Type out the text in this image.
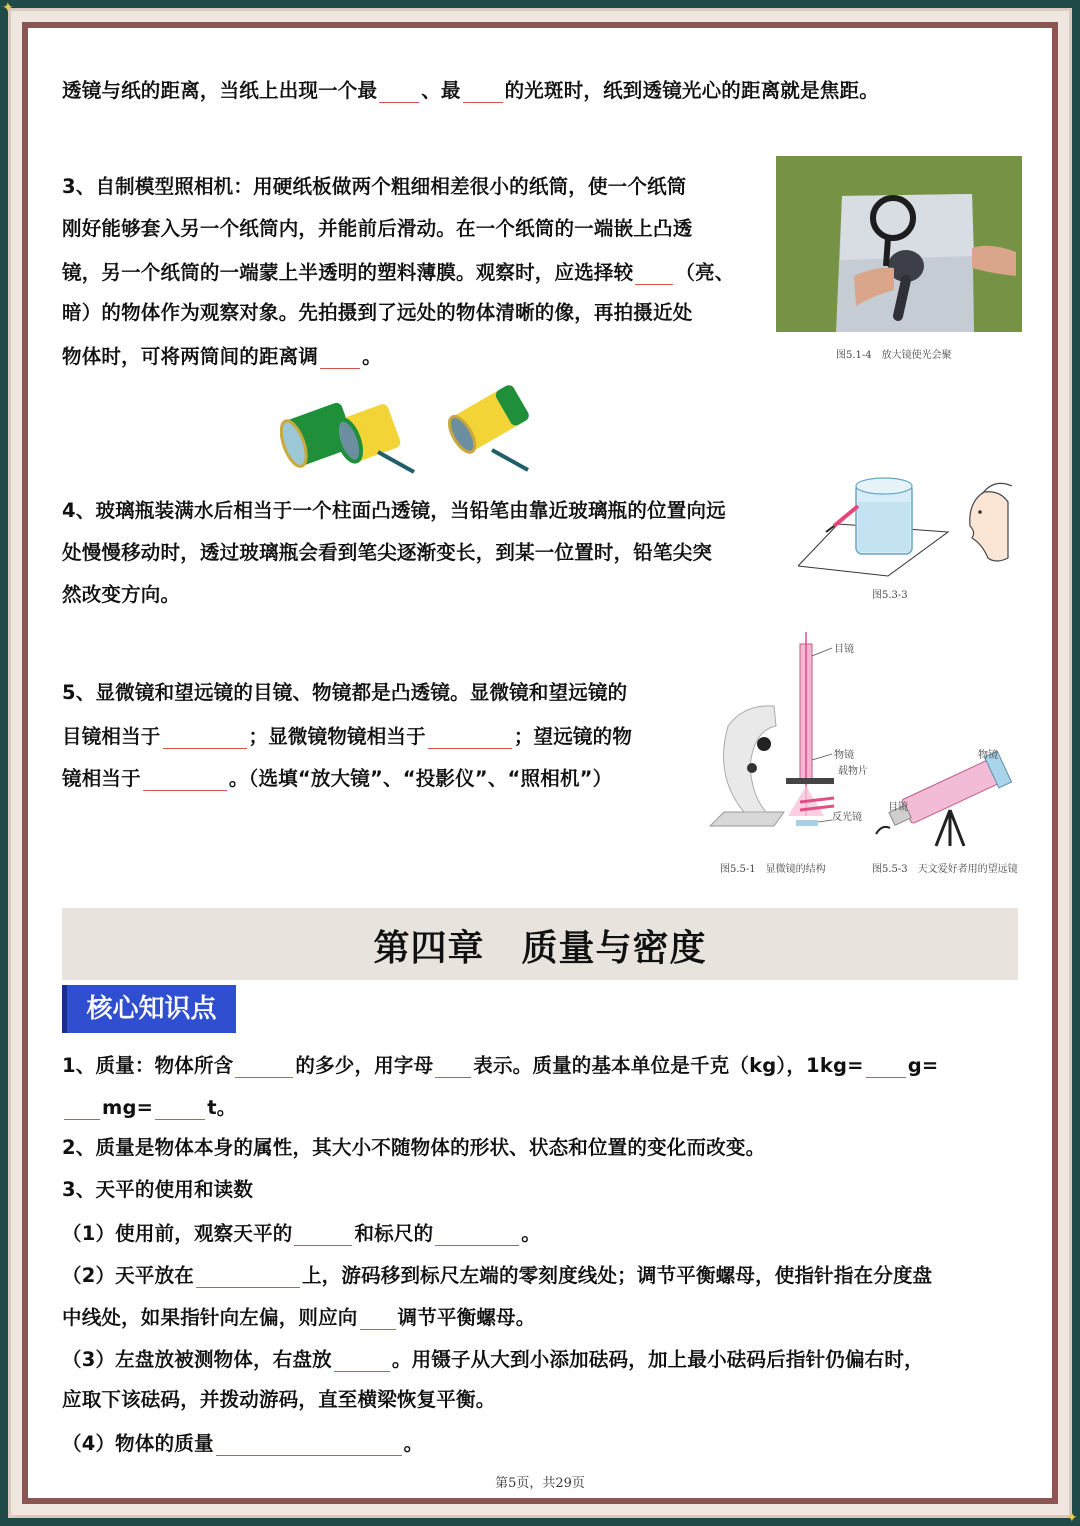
✦
✦
透镜与纸的距离，当纸上出现一个最 、最 的光斑时，纸到透镜光心的距离就是焦距。
3、自制模型照相机：用硬纸板做两个粗细相差很小的纸筒，使一个纸筒
刚好能够套入另一个纸筒内，并能前后滑动。在一个纸筒的一端嵌上凸透
镜，另一个纸筒的一端蒙上半透明的塑料薄膜。观察时，应选择较 （亮、
暗）的物体作为观察对象。先拍摄到了远处的物体清晰的像，再拍摄近处
物体时，可将两筒间的距离调 。	图5.1-4　放大镜使光会聚
4、玻璃瓶装满水后相当于一个柱面凸透镜，当铅笔由靠近玻璃瓶的位置向远
处慢慢移动时，透过玻璃瓶会看到笔尖逐渐变长，到某一位置时，铅笔尖突
然改变方向。	图5.3-3
5、显微镜和望远镜的目镜、物镜都是凸透镜。显微镜和望远镜的
目镜相当于	；显微镜物镜相当于	；望远镜的物
镜相当于	。（选填“放大镜”、“投影仪”、“照相机”）
目镜
物镜
载物片
反光镜
图5.5-1　显微镜的结构
物镜
目镜
图5.5-3　天文爱好者用的望远镜
第四章　质量与密度
核心知识点
1、质量：物体所含	的多少，用字母 表示。质量的基本单位是千克（kg），1kg= g=
mg=	t。
2、质量是物体本身的属性，其大小不随物体的形状、状态和位置的变化而改变。
3、天平的使用和读数
（1）使用前，观察天平的	和标尺的	。
（2）天平放在	上，游码移到标尺左端的零刻度线处；调节平衡螺母，使指针指在分度盘
中线处，如果指针向左偏，则应向 调节平衡螺母。
（3）左盘放被测物体，右盘放	。用镊子从大到小添加砝码，加上最小砝码后指针仍偏右时，
应取下该砝码，并拨动游码，直至横梁恢复平衡。
（4）物体的质量	。
第5页，共29页
